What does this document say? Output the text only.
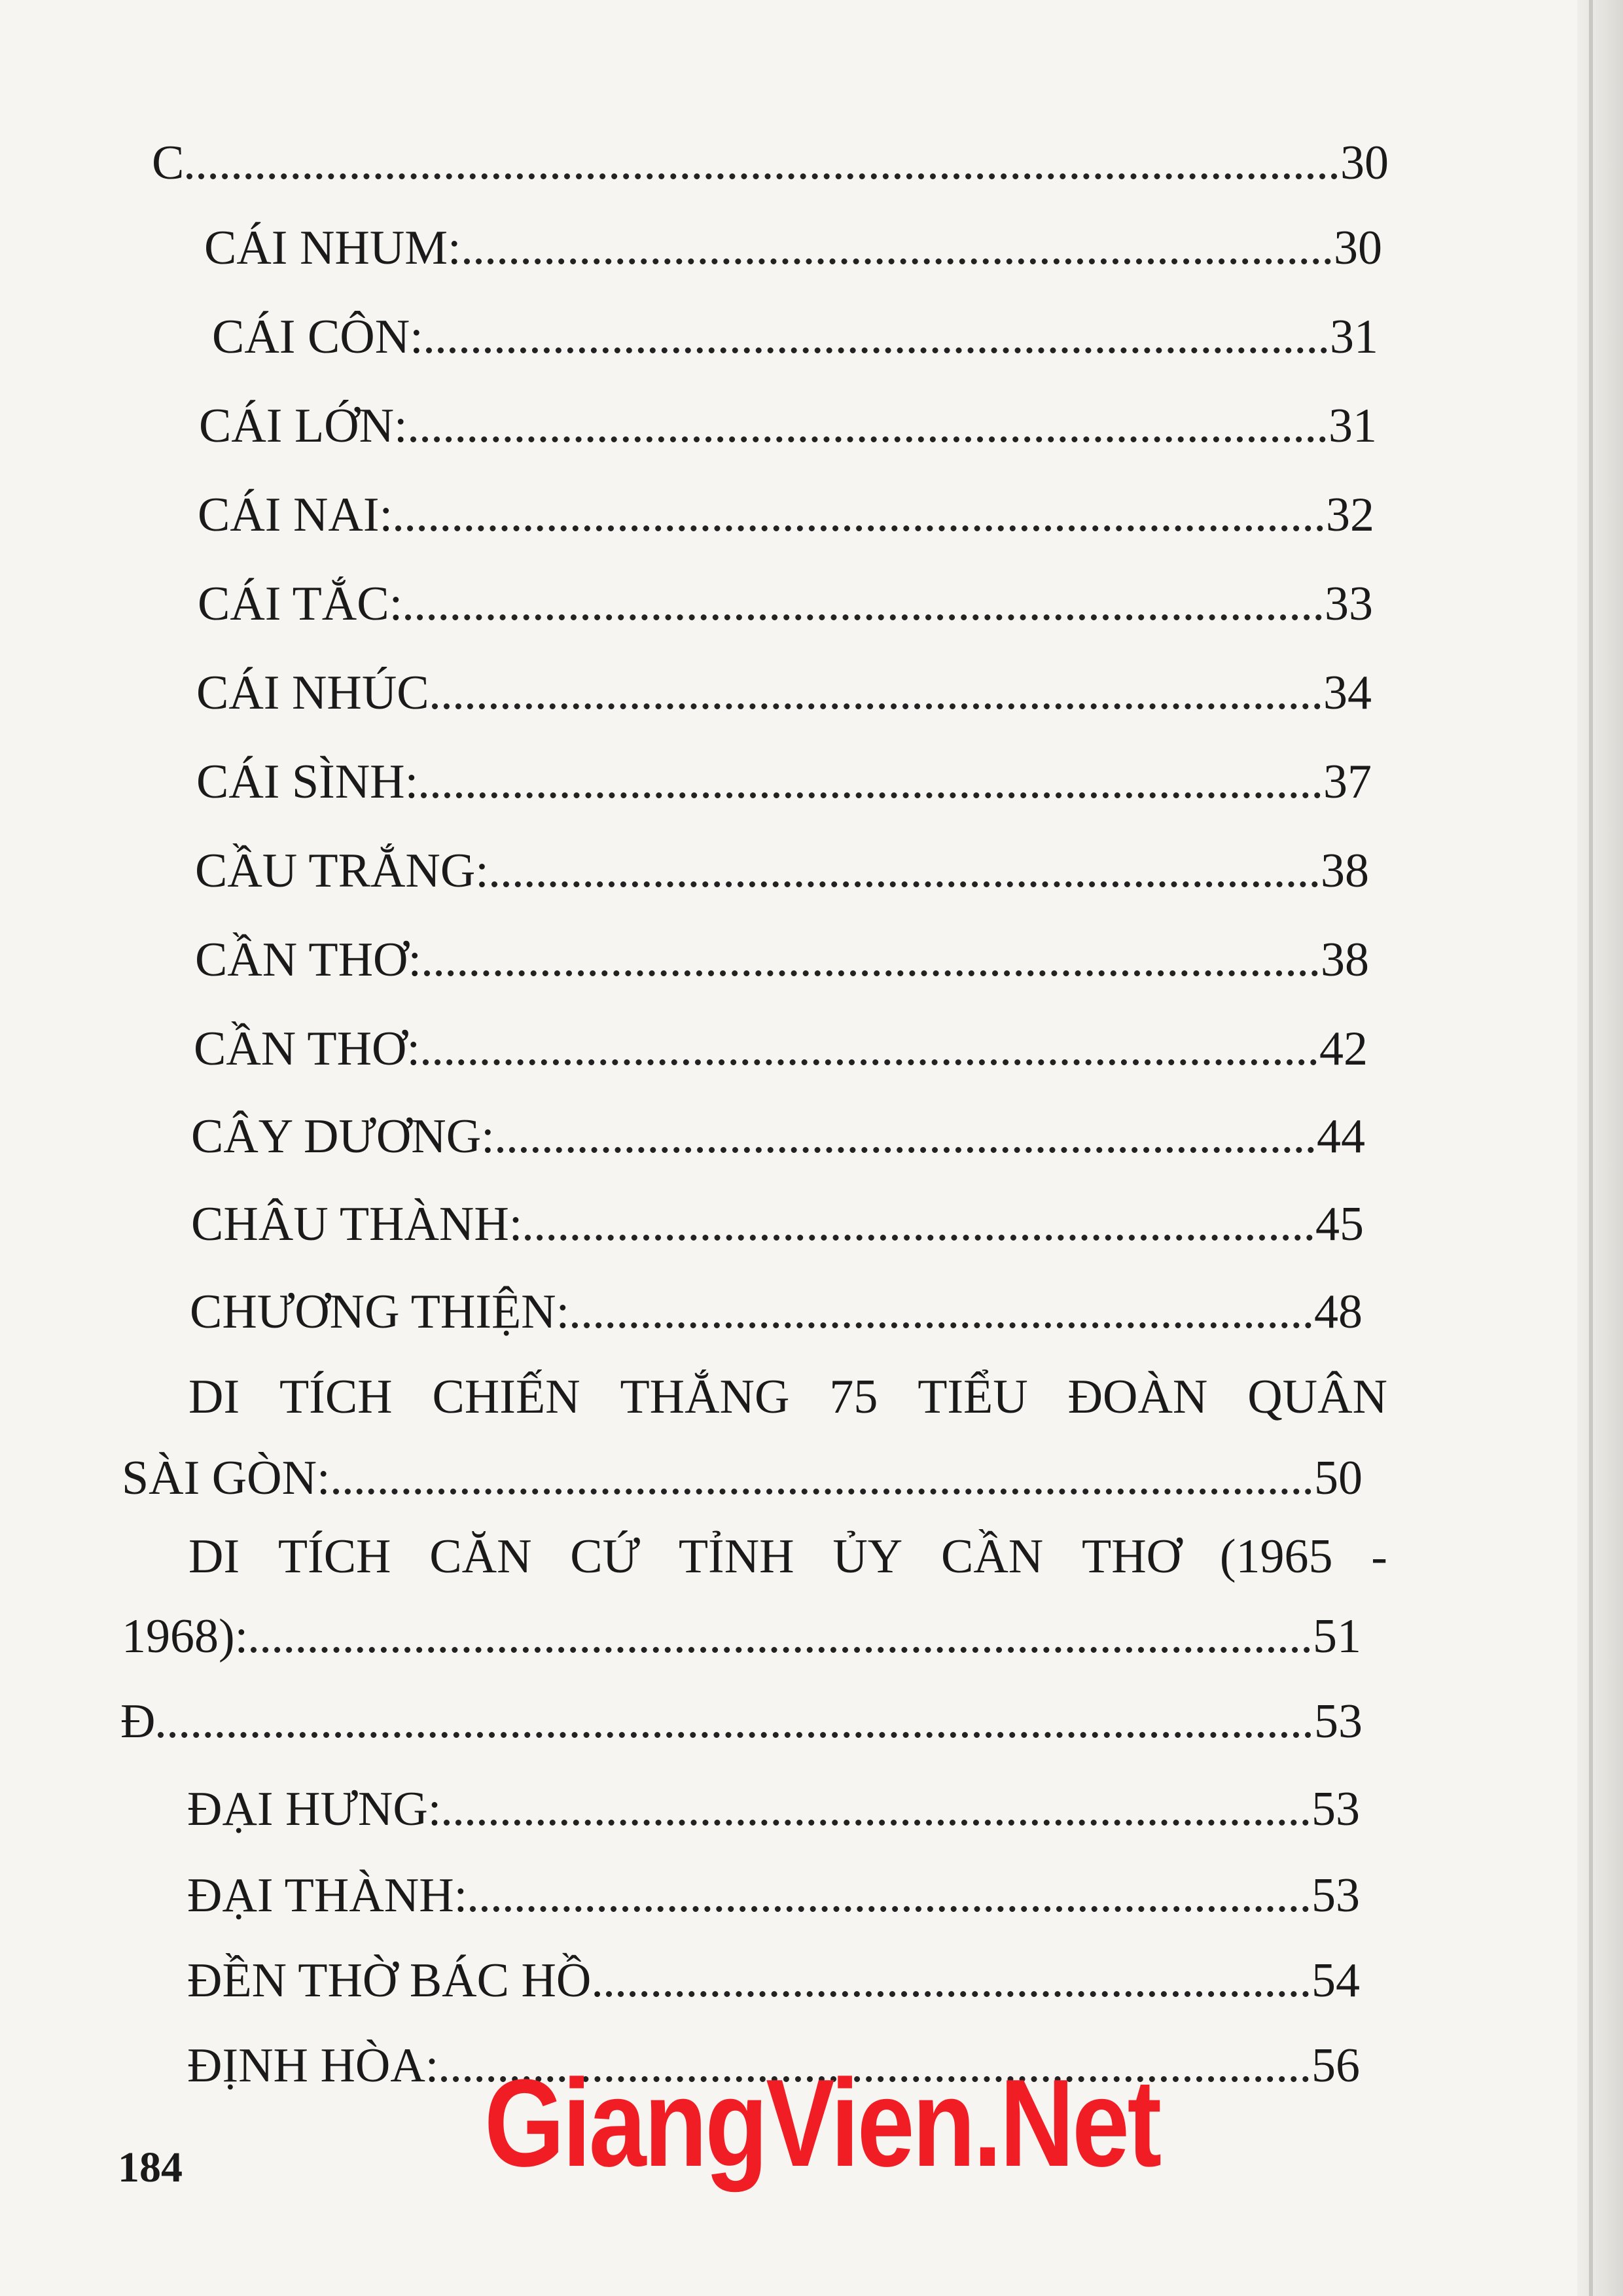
C	30
CÁI NHUM:	30
CÁI CÔN:	31
CÁI LỚN:	31
CÁI NAI:	32
CÁI TẮC:	33
CÁI NHÚC	34
CÁI SÌNH:	37
CẦU TRẮNG:	38
CẦN THƠ:	38
CẦN THƠ:	42
CÂY DƯƠNG:	44
CHÂU THÀNH:	45
CHƯƠNG THIỆN:	48
DI TÍCH CHIẾN THẮNG 75 TIỂU ĐOÀN QUÂN
SÀI GÒN:	50
DI TÍCH CĂN CỨ TỈNH ỦY CẦN THƠ (1965 -
1968):	51
Đ	53
ĐẠI HƯNG:	53
ĐẠI THÀNH:	53
ĐỀN THỜ BÁC HỒ.	54
ĐỊNH HÒA:	56
GiangVien.Net
184
